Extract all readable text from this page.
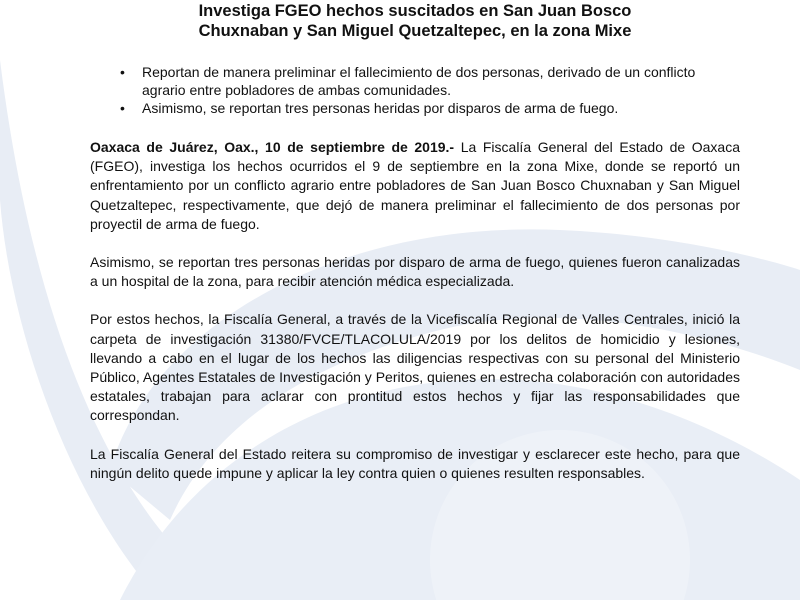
Investiga FGEO hechos suscitados en San Juan Bosco
Chuxnaban y San Miguel Quetzaltepec, en la zona Mixe
• Reportan de manera preliminar el fallecimiento de dos personas, derivado de un conflicto agrario entre pobladores de ambas comunidades.
• Asimismo, se reportan tres personas heridas por disparos de arma de fuego.

Oaxaca de Juárez, Oax., 10 de septiembre de 2019.- La Fiscalía General del Estado de Oaxaca (FGEO), investiga los hechos ocurridos el 9 de septiembre en la zona Mixe, donde se reportó un enfrentamiento por un conflicto agrario entre pobladores de San Juan Bosco Chuxnaban y San Miguel Quetzaltepec, respectivamente, que dejó de manera preliminar el fallecimiento de dos personas por proyectil de arma de fuego.

Asimismo, se reportan tres personas heridas por disparo de arma de fuego, quienes fueron canalizadas a un hospital de la zona, para recibir atención médica especializada.

Por estos hechos, la Fiscalía General, a través de la Vicefiscalía Regional de Valles Centrales, inició la carpeta de investigación 31380/FVCE/TLACOLULA/2019 por los delitos de homicidio y lesiones, llevando a cabo en el lugar de los hechos las diligencias respectivas con su personal del Ministerio Público, Agentes Estatales de Investigación y Peritos, quienes en estrecha colaboración con autoridades estatales, trabajan para aclarar con prontitud estos hechos y fijar las responsabilidades que correspondan.

La Fiscalía General del Estado reitera su compromiso de investigar y esclarecer este hecho, para que ningún delito quede impune y aplicar la ley contra quien o quienes resulten responsables.
